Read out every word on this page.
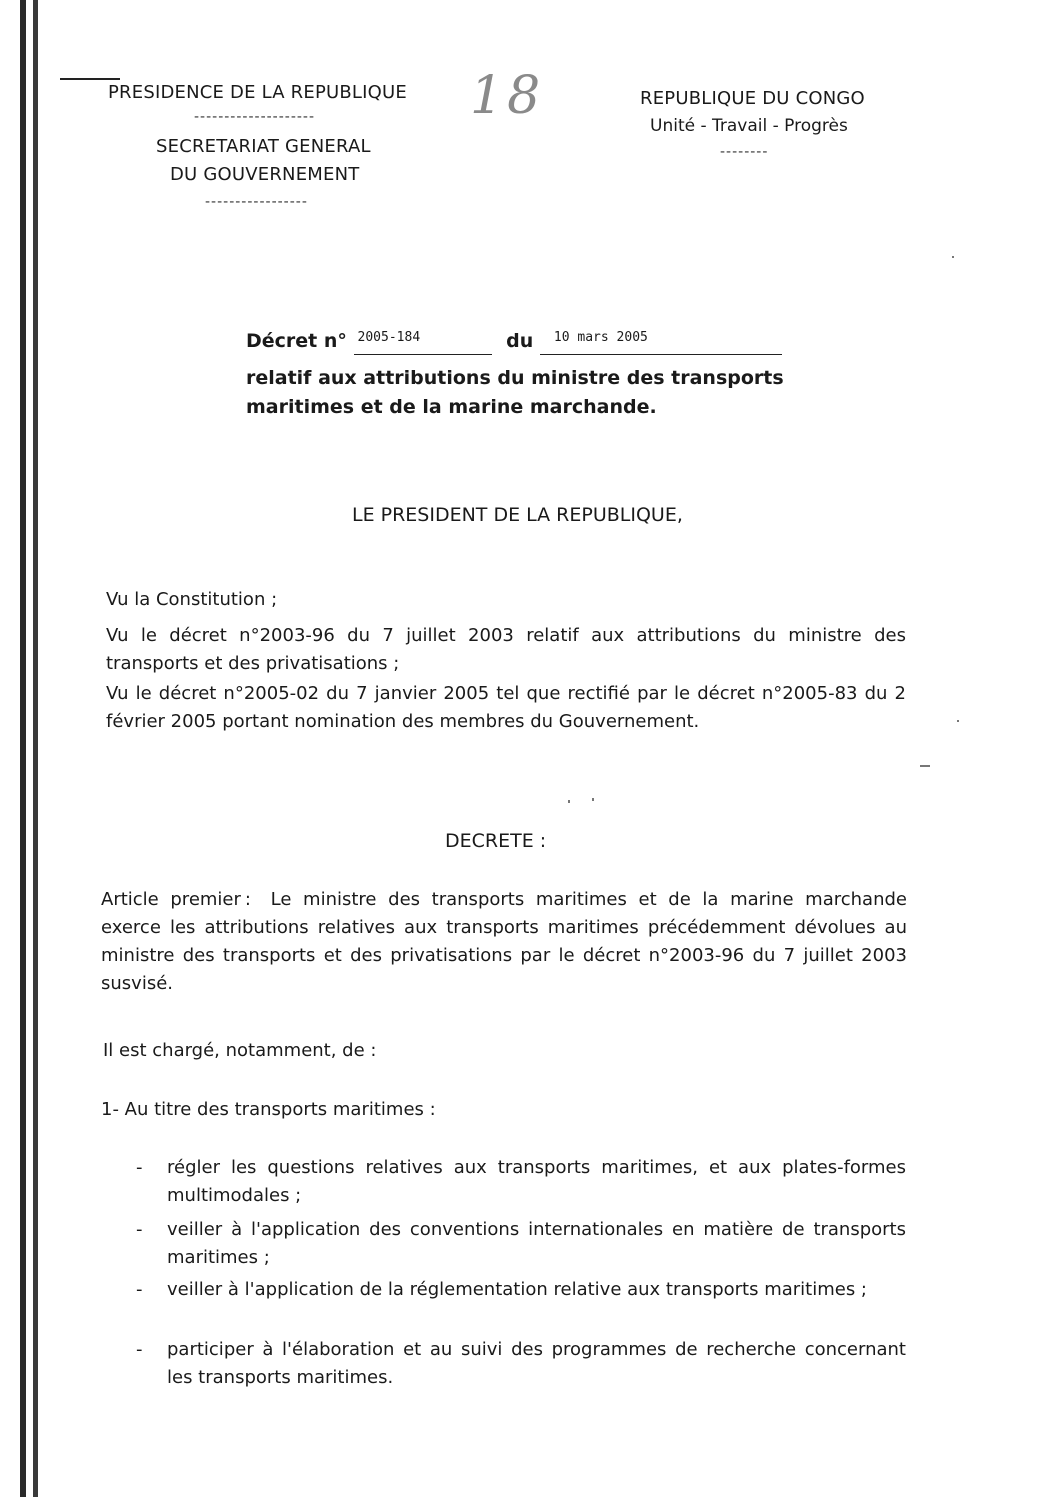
PRESIDENCE DE LA REPUBLIQUE
--------------------
SECRETARIAT GENERAL
DU GOUVERNEMENT
-----------------
18	REPUBLIQUE DU CONGO
Unité - Travail - Progrès
--------
Décret n° $^{2005-184}$	du $^{10 mars 2005}$
relatif aux attributions du ministre des transports
maritimes et de la marine marchande.
LE PRESIDENT DE LA REPUBLIQUE,
Vu la Constitution ;
Vu le décret n°2003-96 du 7 juillet 2003 relatif aux attributions du ministre des transports et des privatisations ;
Vu le décret n°2005-02 du 7 janvier 2005 tel que rectifié par le décret n°2005-83 du 2 février 2005 portant nomination des membres du Gouvernement.
DECRETE :
Article premier : Le ministre des transports maritimes et de la marine marchande exerce les attributions relatives aux transports maritimes précédemment dévolues au ministre des transports et des privatisations par le décret n°2003-96 du 7 juillet 2003 susvisé.
Il est chargé, notamment, de :
1- Au titre des transports maritimes :
- régler les questions relatives aux transports maritimes, et aux plates-formes multimodales ;
- veiller à l'application des conventions internationales en matière de transports maritimes ;
- veiller à l'application de la réglementation relative aux transports maritimes ;
- participer à l'élaboration et au suivi des programmes de recherche concernant les transports maritimes.
